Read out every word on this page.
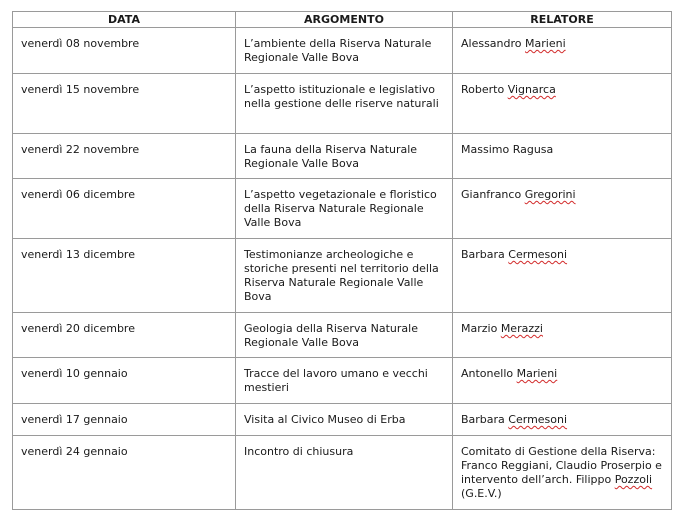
DATA	ARGOMENTO	RELATORE
venerdì 08 novembre	L’ambiente della Riserva Naturale Regionale Valle Bova	Alessandro Marieni
venerdì 15 novembre	L’aspetto istituzionale e legislativo nella gestione delle riserve naturali	Roberto Vignarca
venerdì 22 novembre	La fauna della Riserva Naturale Regionale Valle Bova	Massimo Ragusa
venerdì 06 dicembre	L’aspetto vegetazionale e floristico della Riserva Naturale Regionale Valle Bova	Gianfranco Gregorini
venerdì 13 dicembre	Testimonianze archeologiche e storiche presenti nel territorio della Riserva Naturale Regionale Valle Bova	Barbara Cermesoni
venerdì 20 dicembre	Geologia della Riserva Naturale Regionale Valle Bova	Marzio Merazzi
venerdì 10 gennaio	Tracce del lavoro umano e vecchi mestieri	Antonello Marieni
venerdì 17 gennaio	Visita al Civico Museo di Erba	Barbara Cermesoni
venerdì 24 gennaio	Incontro di chiusura	Comitato di Gestione della Riserva: Franco Reggiani, Claudio Proserpio e intervento dell’arch. Filippo Pozzoli (G.E.V.)
